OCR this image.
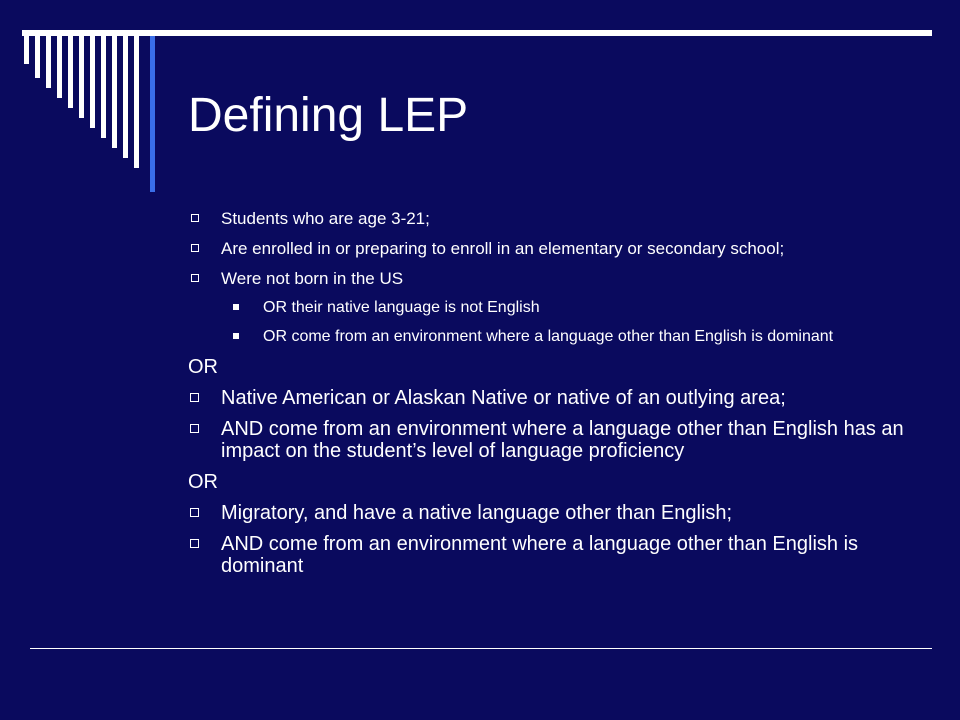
Defining LEP
Students who are age 3-21;
Are enrolled in or preparing to enroll in an elementary or secondary school;
Were not born in the US
OR their native language is not English
OR come from an environment where a language other than English is dominant
OR
Native American or Alaskan Native or native of an outlying area;
AND come from an environment where a language other than English has an impact on the student’s level of language proficiency
OR
Migratory, and have a native language other than English;
AND come from an environment where a language other than English is dominant
